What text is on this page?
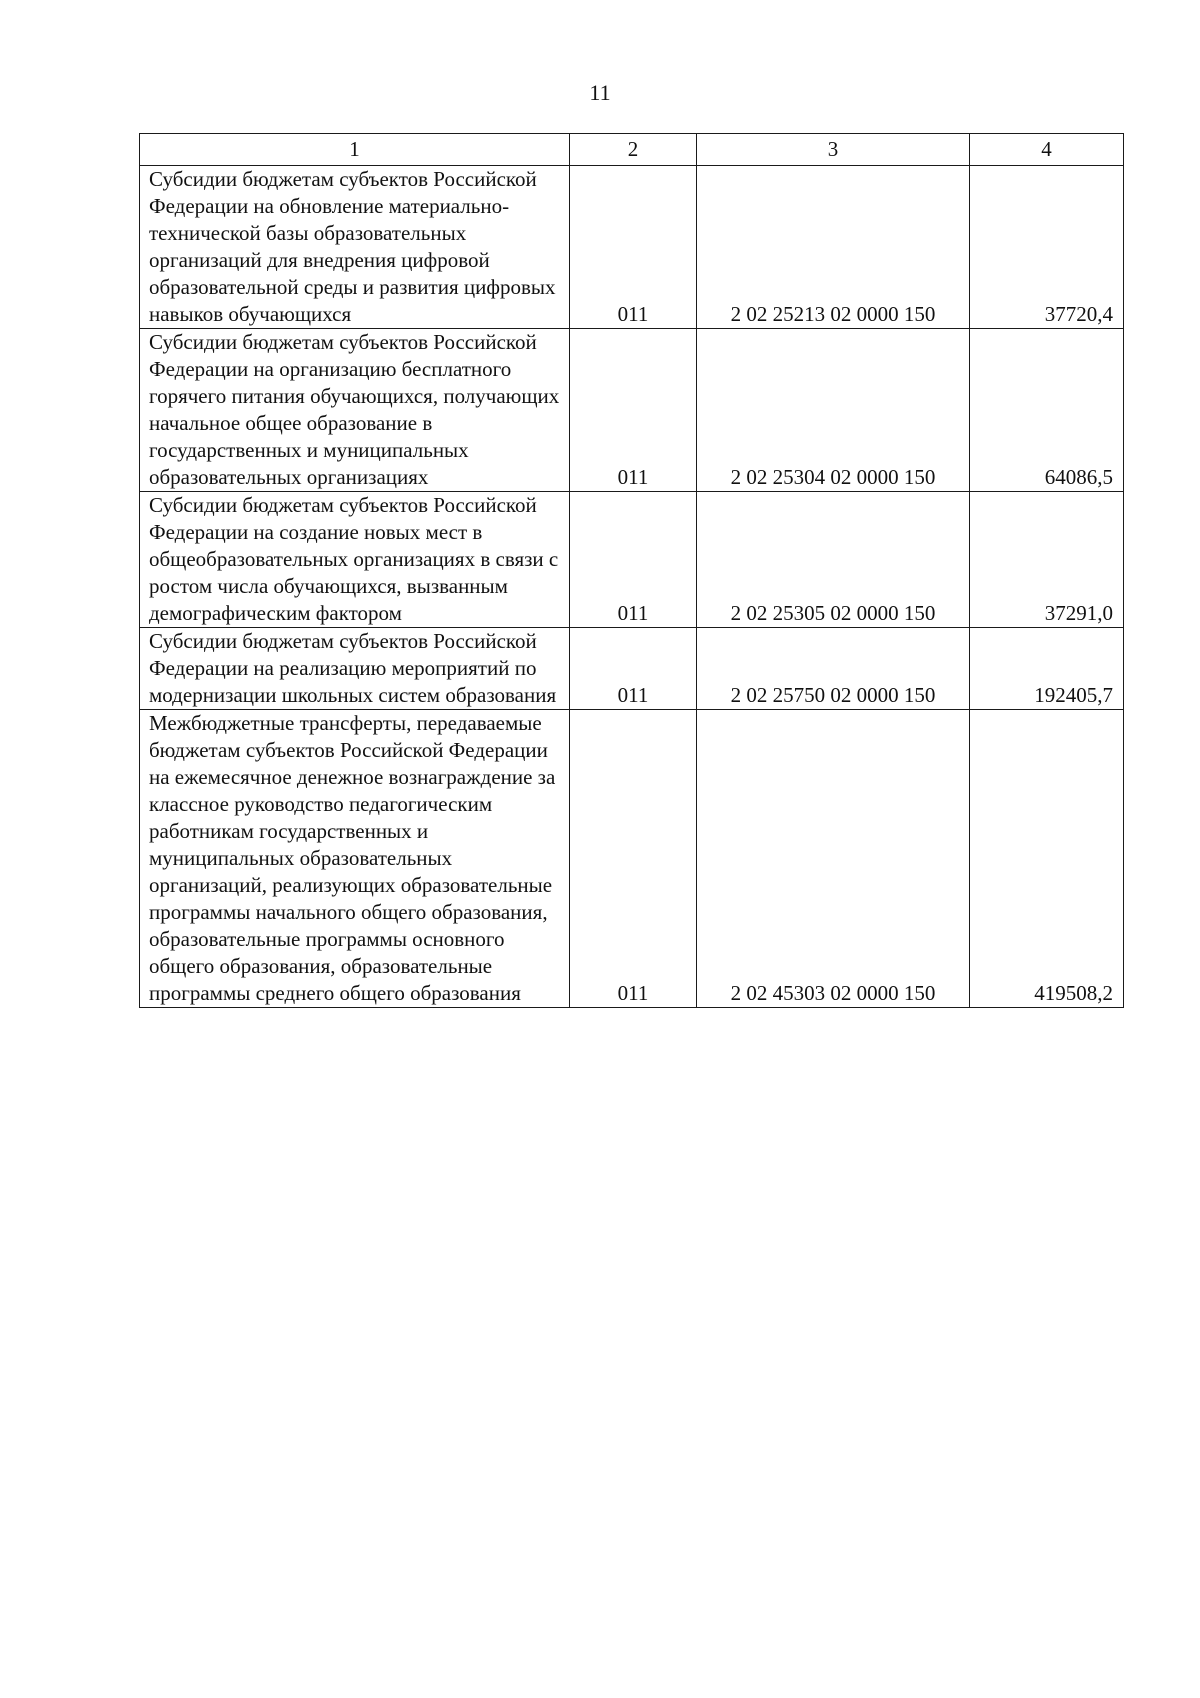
11
1	2	3	4
Субсидии бюджетам субъектов Российской Федерации на обновление материально-технической базы образовательных организаций для внедрения цифровой образовательной среды и развития цифровых навыков обучающихся	011	2 02 25213 02 0000 150	37720,4
Субсидии бюджетам субъектов Российской Федерации на организацию бесплатного горячего питания обучающихся, получающих начальное общее образование в государственных и муниципальных образовательных организациях	011	2 02 25304 02 0000 150	64086,5
Субсидии бюджетам субъектов Российской Федерации на создание новых мест в общеобразовательных организациях в связи с ростом числа обучающихся, вызванным демографическим фактором	011	2 02 25305 02 0000 150	37291,0
Субсидии бюджетам субъектов Российской Федерации на реализацию мероприятий по модернизации школьных систем образования	011	2 02 25750 02 0000 150	192405,7
Межбюджетные трансферты, передаваемые бюджетам субъектов Российской Федерации на ежемесячное денежное вознаграждение за классное руководство педагогическим работникам государственных и муниципальных образовательных организаций, реализующих образовательные программы начального общего образования, образовательные программы основного общего образования, образовательные программы среднего общего образования	011	2 02 45303 02 0000 150	419508,2
